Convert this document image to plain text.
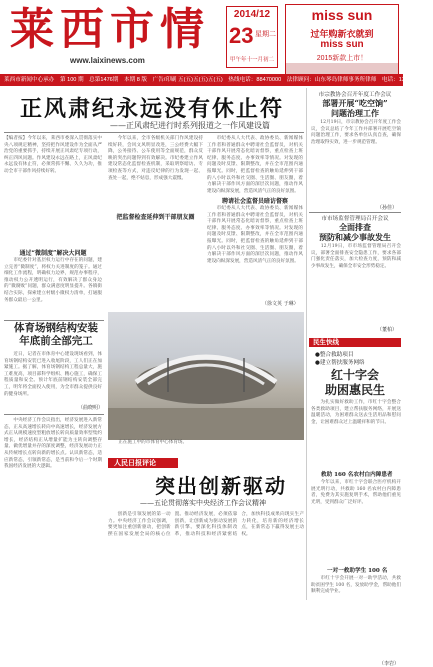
莱西市情
www.laixinews.com
2014/12
23 星期二
甲午年十一月初二
miss sun
过年购新衣就到
miss sun
2015新款上市！
莱西市新闻中心承办　第 100 期　总第1476期　本期 8 版　广告/印刷 五(五)五(五)五(五)　热线电话：88470000　法律顾问：山东琴岛律师事务所律师　电话：13705427288
正风肃纪永远没有休止符
——正风肃纪进行时系列报道之一作风建设篇
【编者按】今年以来，莱西市委深入贯彻落实中央八项规定精神，坚持把作风建设作为全面从严治党的重要抓手，持续开展正风肃纪专项行动，纠正四风问题。作风建设永远在路上，正风肃纪永远没有休止符，必须常抓不懈、久久为功，推动全市干部作风持续好转。
通过“微制度”解决大问题
　　市纪委针对基层权力运行中存在的问题，建立完善“微制度”，将权力关进制度的笼子。通过细化工作流程，明确权力边界，规范办事程序，推动权力公开透明运行，有效解决了群众身边的“微腐败”问题，群众满意度明显提升。各镇街结合实际，探索建立村级小微权力清单，打通服务群众最后一公里。
　　今年以来，全市各级机关部门作风建设持续好转，会风文风明显改进，三公经费大幅下降，公务接待、公车使用等全面规范，群众反映的突出问题得到有效解决。市纪委建立作风建设常态化监督检查机制，采取明察暗访、专项检查等方式，对违反纪律的行为发现一起、查处一起，绝不姑息，形成强大震慑。
　　市纪委从人大代表、政协委员、新闻媒体工作者和普通群众中聘请社会监督员，对机关干部作风开展常态化暗访督察，重点检查上班纪律、服务态度、办事效率等情况。对发现的问题及时反馈、限期整改，并在全市范围内通报曝光。同时，把监督检查的触角延伸到干部的八小时以外和社交圈、生活圈、朋友圈，着力解决干部作风方面的深层次问题，推动作风建设向纵深发展，营造风清气正的良好氛围。
聘请社会监督员暗访督察
把监督检查延伸到干部朋友圈
　　市纪委从人大代表、政协委员、新闻媒体工作者和普通群众中聘请社会监督员，对机关干部作风开展常态化暗访督察，重点检查上班纪律、服务态度、办事效率等情况。对发现的问题及时反馈、限期整改，并在全市范围内通报曝光。同时，把监督检查的触角延伸到干部的八小时以外和社交圈、生活圈、朋友圈，着力解决干部作风方面的深层次问题，推动作风建设向纵深发展，营造风清气正的良好氛围。
（徐文英 于琳）
体育场钢结构安装
年底前全部完工
　　近日，记者在市体育中心建设现场看到，体育场钢结构安装已进入收尾阶段，工人们正在加紧施工。据了解，体育场钢结构工程总量大，施工难度高，项目部科学组织、精心施工，确保工程质量和安全。预计年底前钢结构安装全部完工，明年将全面投入使用，为全市群众提供良好的健身场所。
（曲晓明）
　　中央经济工作会议指出，经济发展进入新常态，正从高速增长转向中高速增长，经济发展方式正从规模速度型粗放增长转向质量效率型集约增长，经济结构正从增量扩能为主转向调整存量、做优增量并存的深度调整，经济发展动力正从传统增长点转向新的增长点。认识新常态，适应新常态，引领新常态，是当前和今后一个时期我国经济发展的大逻辑。
　　正在施工中的市体育中心体育场。
人民日报评论
突出创新驱动
——五论贯彻落实中央经济工作会议精神
　　创新是引领发展的第一动力。中央经济工作会议强调，要更加注重创新驱动，把创新摆在国家发展全局的核心位置。推动经济发展，必须依靠创新，让创新成为驱动发展的新引擎。要深化科技体制改革，推动科技和经济紧密结合，加快科技成果向现实生产力转化，培育新的经济增长点，在新常态下赢得发展主动权。
市宗教协会召开年度工作会议
部署开展“吃空饷”
问题治理工作
　　12月19日，市宗教协会召开年度工作会议，会议总结了今年工作并部署开展吃空饷问题治理工作，要求各单位认真自查，确保治理取得实效，进一步规范管理。
（孙佳）
市市场监督管理局召开会议
全面排查
预防和减少事故发生
　　12月19日，市市场监督管理局召开会议，部署全面排查安全隐患工作，要求各部门强化责任落实，加大检查力度，预防和减少事故发生，确保全市安全形势稳定。
（董柏）
民生快线
●整合救助项目
●建立帮扶服务网络
红十字会
助困惠民生
　　为扎实做好救助工作，市红十字会整合各类救助项目，建立帮扶服务网络，开展送温暖活动，为困难群众送去生活用品和慰问金，让困难群众过上温暖祥和的节日。
救助 160 名农村白内障患者
　　今年以来，市红十字会联合医疗机构开展光明行动，共救助 160 名农村白内障患者，免费为其实施复明手术，帮助他们重见光明，受到群众广泛好评。
一对一救助学生 100 名
　　市红十字会开展一对一助学活动，共救助贫困学生 100 名，发放助学金，帮助他们顺利完成学业。
（李岩）
